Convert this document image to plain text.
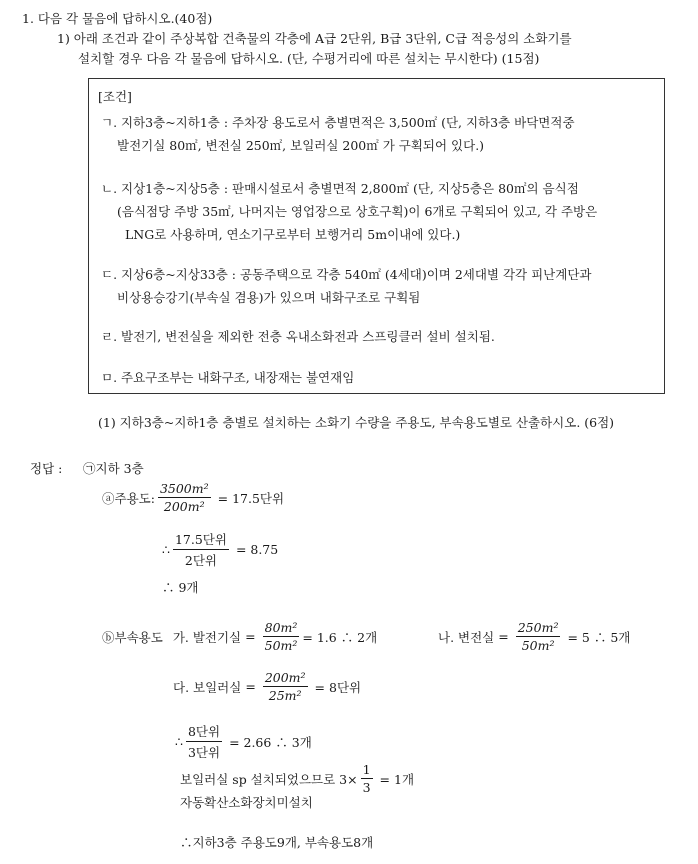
1. 다음 각 물음에 답하시오.(40점)
1) 아래 조건과 같이 주상복합 건축물의 각층에 A급 2단위, B급 3단위, C급 적응성의 소화기를
설치할 경우 다음 각 물음에 답하시오. (단, 수평거리에 따른 설치는 무시한다) (15점)
[조건]
ㄱ. 지하3층~지하1층 : 주차장 용도로서 층별면적은 3,500㎡ (단, 지하3층 바닥면적중
발전기실 80㎡, 변전실 250㎡, 보일러실 200㎡ 가 구획되어 있다.)
ㄴ. 지상1층~지상5층 : 판매시설로서 층별면적 2,800㎡ (단, 지상5층은 80㎡의 음식점
(음식점당 주방 35㎡, 나머지는 영업장으로 상호구획)이 6개로 구획되어 있고, 각 주방은
LNG로 사용하며, 연소기구로부터 보행거리 5m이내에 있다.)
ㄷ. 지상6층~지상33층 : 공동주택으로 각층 540㎡ (4세대)이며 2세대별 각각 피난계단과
비상용승강기(부속실 겸용)가 있으며 내화구조로 구획됨
ㄹ. 발전기, 변전실을 제외한 전층 옥내소화전과 스프링클러 설비 설치됨.
ㅁ. 주요구조부는 내화구조, 내장재는 불연재임
(1) 지하3층~지하1층 층별로 설치하는 소화기 수량을 주용도, 부속용도별로 산출하시오. (6점)
정답 : ㉠지하 3층
ⓐ주용도: $\frac{\text{3500m²}}{\text{200m²}} = 17.5$단위
∴ $\frac{\text{17.5단위}}{\text{2단위}} = 8.75$
∴ 9개
ⓑ부속용도 가. 발전기실 = $\frac{\text{80m²}}{\text{50m²}} = 1.6$ ∴ 2개	나. 변전실 = $\frac{\text{250m²}}{\text{50m²}} = 5$ ∴ 5개
다. 보일러실 = $\frac{\text{200m²}}{\text{25m²}} = 8$단위
∴ $\frac{\text{8단위}}{\text{3단위}} = 2.66$ ∴ 3개
보일러실 sp 설치되었으므로 $3\times \frac{1}{3} = 1$개
자동확산소화장치미설치
∴지하3층 주용도9개, 부속용도8개
